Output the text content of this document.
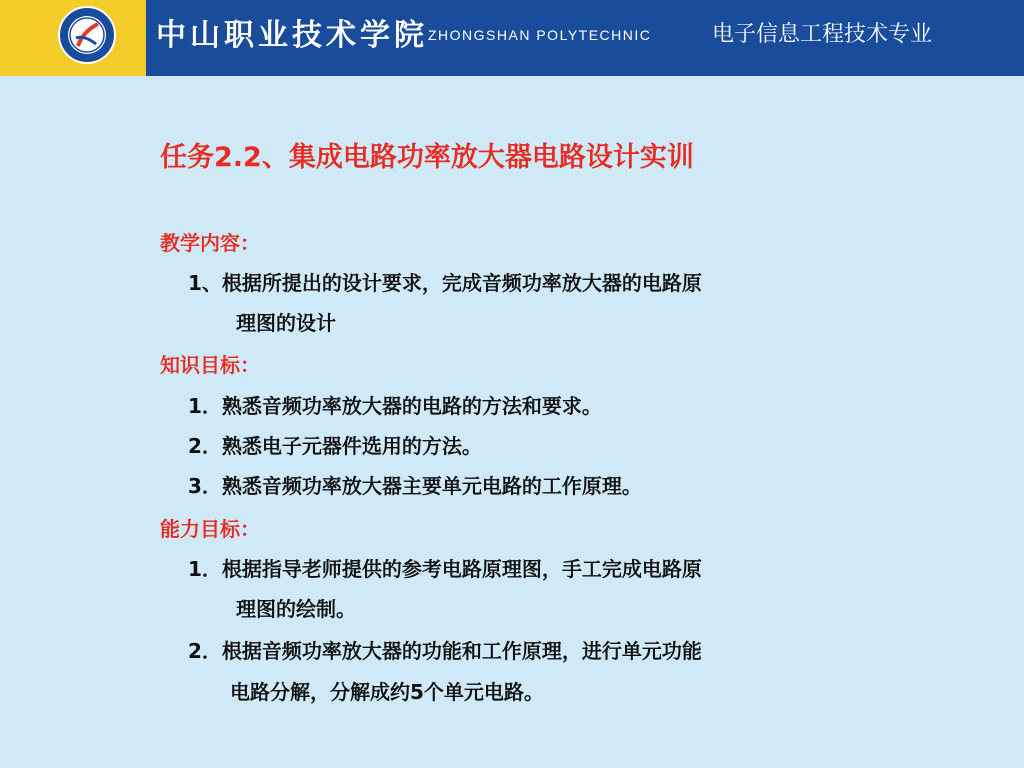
中山职业技术学院 ZHONGSHAN POLYTECHNIC	电子信息工程技术专业
任务2.2、集成电路功率放大器电路设计实训
教学内容：
1、根据所提出的设计要求，完成音频功率放大器的电路原
理图的设计
知识目标：
1．熟悉音频功率放大器的电路的方法和要求。
2．熟悉电子元器件选用的方法。
3．熟悉音频功率放大器主要单元电路的工作原理。
能力目标：
1．根据指导老师提供的参考电路原理图，手工完成电路原
理图的绘制。
2．根据音频功率放大器的功能和工作原理，进行单元功能
电路分解，分解成约5个单元电路。
